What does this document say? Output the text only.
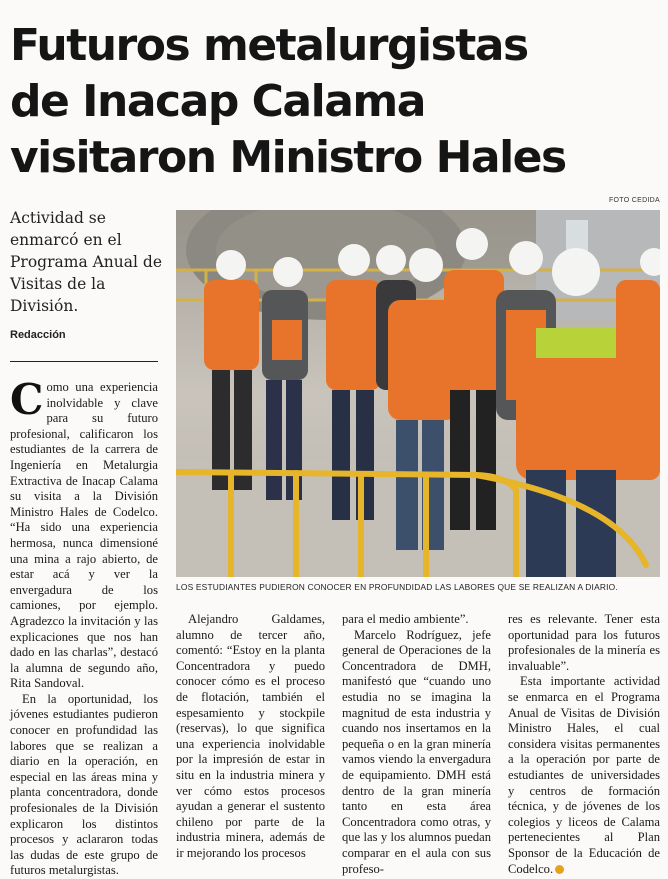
Futuros metalurgistas
de Inacap Calama
visitaron Ministro Hales
FOTO CEDIDA

Actividad se enmarcó en el Programa Anual de Visitas de la División.

Redacción
LOS ESTUDIANTES PUDIERON CONOCER EN PROFUNDIDAD LAS LABORES QUE SE REALIZAN A DIARIO.

Como una experiencia inolvidable y clave para su futuro profesional, calificaron los estudiantes de la carrera de Ingeniería en Metalurgia Extractiva de Inacap Calama su visita a la División Ministro Hales de Codelco. “Ha sido una experiencia hermosa, nunca dimensioné una mina a rajo abierto, de estar acá y ver la envergadura de los camiones, por ejemplo. Agradezco la invitación y las explicaciones que nos han dado en las charlas”, destacó la alumna de segundo año, Rita Sandoval.

En la oportunidad, los jóvenes estudiantes pudieron conocer en profundidad las labores que se realizan a diario en la operación, en especial en las áreas mina y planta concentradora, donde profesionales de la División explicaron los distintos procesos y aclararon todas las dudas de este grupo de futuros metalurgistas.

Alejandro Galdames, alumno de tercer año, comentó: “Estoy en la planta Concentradora y puedo conocer cómo es el proceso de flotación, también el espesamiento y stockpile (reservas), lo que significa una experiencia inolvidable por la impresión de estar in situ en la industria minera y ver cómo estos procesos ayudan a generar el sustento chileno por parte de la industria minera, además de ir mejorando los procesos

para el medio ambiente”.

Marcelo Rodríguez, jefe general de Operaciones de la Concentradora de DMH, manifestó que “cuando uno estudia no se imagina la magnitud de esta industria y cuando nos insertamos en la pequeña o en la gran minería vamos viendo la envergadura de equipamiento. DMH está dentro de la gran minería tanto en esta área Concentradora como otras, y que las y los alumnos puedan comparar en el aula con sus profeso-

res es relevante. Tener esta oportunidad para los futuros profesionales de la minería es invaluable”.

Esta importante actividad se enmarca en el Programa Anual de Visitas de División Ministro Hales, el cual considera visitas permanentes a la operación por parte de estudiantes de universidades y centros de formación técnica, y de jóvenes de los colegios y liceos de Calama pertenecientes al Plan Sponsor de la Educación de Codelco.
